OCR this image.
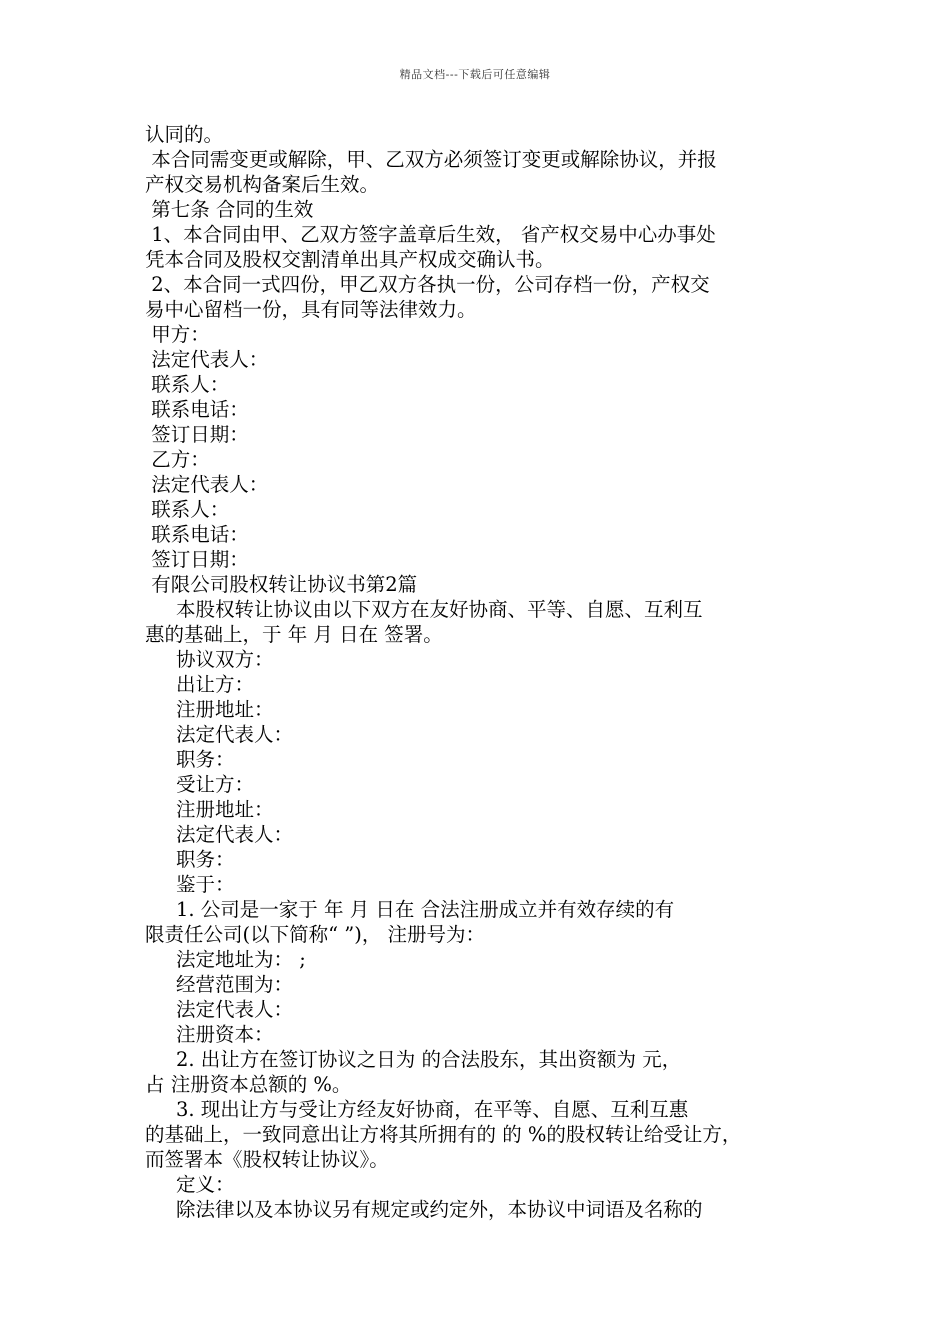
精品文档---下载后可任意编辑
认同的。
本合同需变更或解除，甲、乙双方必须签订变更或解除协议，并报
产权交易机构备案后生效。
第七条 合同的生效
1、本合同由甲、乙双方签字盖章后生效， 省产权交易中心办事处
凭本合同及股权交割清单出具产权成交确认书。
2、本合同一式四份，甲乙双方各执一份，公司存档一份，产权交
易中心留档一份，具有同等法律效力。
甲方：
法定代表人：
联系人：
联系电话：
签订日期：
乙方：
法定代表人：
联系人：
联系电话：
签订日期：
有限公司股权转让协议书第2篇
本股权转让协议由以下双方在友好协商、平等、自愿、互利互
惠的基础上，于 年 月 日在 签署。
协议双方：
出让方：
注册地址：
法定代表人：
职务：
受让方：
注册地址：
法定代表人：
职务：
鉴于：
1. 公司是一家于 年 月 日在 合法注册成立并有效存续的有
限责任公司(以下简称“ ”)， 注册号为：
法定地址为： ;
经营范围为：
法定代表人：
注册资本：
2. 出让方在签订协议之日为 的合法股东，其出资额为 元，
占 注册资本总额的 %。
3. 现出让方与受让方经友好协商，在平等、自愿、互利互惠
的基础上，一致同意出让方将其所拥有的 的 %的股权转让给受让方，
而签署本《股权转让协议》。
定义：
除法律以及本协议另有规定或约定外，本协议中词语及名称的
